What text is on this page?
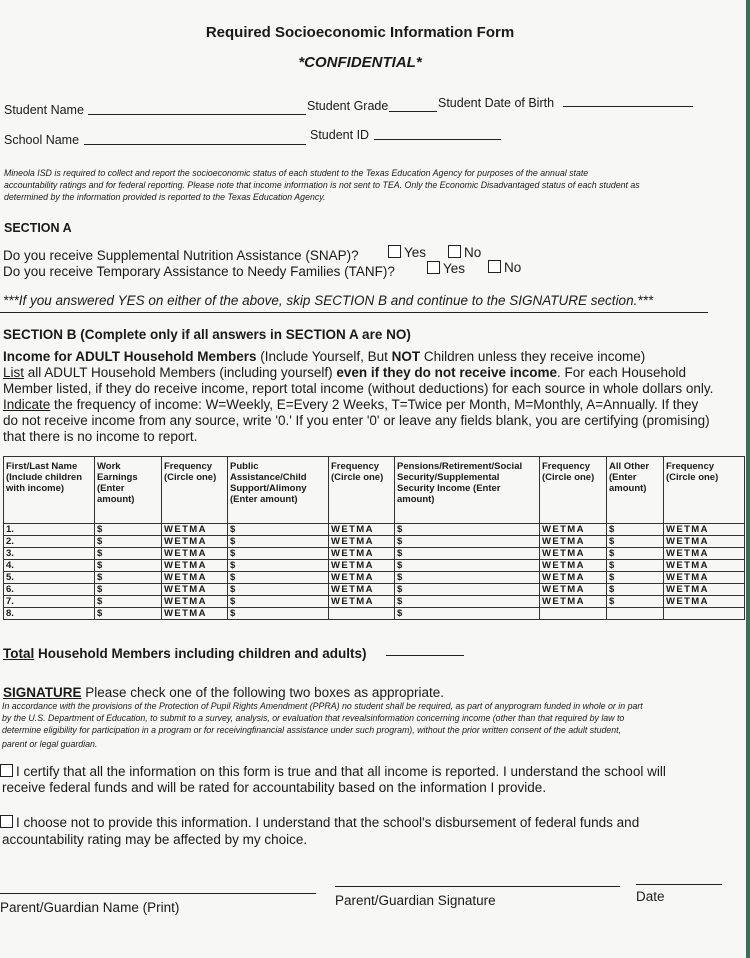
Required Socioeconomic Information Form
*CONFIDENTIAL*
Student Name	Student Grade	Student Date of Birth
School Name	Student ID
Mineola ISD is required to collect and report the socioeconomic status of each student to the Texas Education Agency for purposes of the annual state
accountability ratings and for federal reporting. Please note that income information is not sent to TEA. Only the Economic Disadvantaged status of each student as
determined by the information provided is reported to the Texas Education Agency.
SECTION A
Do you receive Supplemental Nutrition Assistance (SNAP)?	Yes	No
Do you receive Temporary Assistance to Needy Families (TANF)?	Yes	No
***If you answered YES on either of the above, skip SECTION B and continue to the SIGNATURE section.***
SECTION B (Complete only if all answers in SECTION A are NO)
Income for ADULT Household Members (Include Yourself, But NOT Children unless they receive income)
List all ADULT Household Members (including yourself) even if they do not receive income. For each Household
Member listed, if they do receive income, report total income (without deductions) for each source in whole dollars only.
Indicate the frequency of income: W=Weekly, E=Every 2 Weeks, T=Twice per Month, M=Monthly, A=Annually. If they
do not receive income from any source, write '0.' If you enter '0' or leave any fields blank, you are certifying (promising)
that there is no income to report.
First/Last Name (Include children with income)	Work Earnings (Enter amount)	Frequency (Circle one)	Public Assistance/Child Support/Alimony (Enter amount)	Frequency (Circle one)	Pensions/Retirement/Social Security/Supplemental Security Income (Enter amount)	Frequency (Circle one)	All Other (Enter amount)	Frequency (Circle one)
1.	$	WETMA	$	WETMA	$	WETMA	$	WETMA
2.	$	WETMA	$	WETMA	$	WETMA	$	WETMA
3.	$	WETMA	$	WETMA	$	WETMA	$	WETMA
4.	$	WETMA	$	WETMA	$	WETMA	$	WETMA
5.	$	WETMA	$	WETMA	$	WETMA	$	WETMA
6.	$	WETMA	$	WETMA	$	WETMA	$	WETMA
7.	$	WETMA	$	WETMA	$	WETMA	$	WETMA
8.	$	WETMA	$		$			
Total Household Members including children and adults)
SIGNATURE Please check one of the following two boxes as appropriate.
In accordance with the provisions of the Protection of Pupil Rights Amendment (PPRA) no student shall be required, as part of anyprogram funded in whole or in part
by the U.S. Department of Education, to submit to a survey, analysis, or evaluation that revealsinformation concerning income (other than that required by law to
determine eligibility for participation in a program or for receivingfinancial assistance under such program), without the prior written consent of the adult student,
parent or legal guardian.
I certify that all the information on this form is true and that all income is reported. I understand the school will
receive federal funds and will be rated for accountability based on the information I provide.
I choose not to provide this information. I understand that the school's disbursement of federal funds and
accountability rating may be affected by my choice.
Parent/Guardian Name (Print)	Parent/Guardian Signature	Date
